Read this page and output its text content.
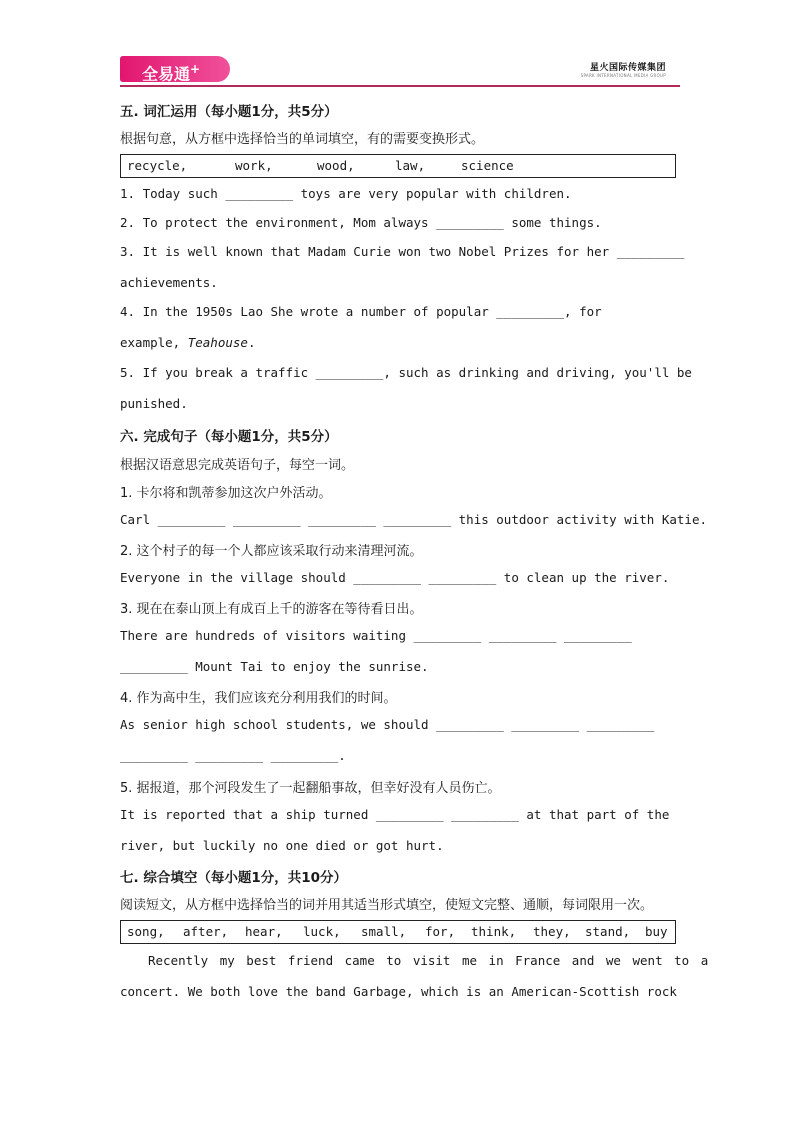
全易通+	星火国际传媒集团
SPARK INTERNATIONAL MEDIA GROUP
五. 词汇运用（每小题1分，共5分）
根据句意，从方框中选择恰当的单词填空，有的需要变换形式。
recycle,	work,	wood,	law,	science
1. Today such _________ toys are very popular with children.
2. To protect the environment, Mom always _________ some things.
3. It is well known that Madam Curie won two Nobel Prizes for her _________
achievements.
4. In the 1950s Lao She wrote a number of popular _________, for
example, Teahouse.
5. If you break a traffic _________, such as drinking and driving, you'll be
punished.
六. 完成句子（每小题1分，共5分）
根据汉语意思完成英语句子，每空一词。
1. 卡尔将和凯蒂参加这次户外活动。
Carl _________ _________ _________ _________ this outdoor activity with Katie.
2. 这个村子的每一个人都应该采取行动来清理河流。
Everyone in the village should _________ _________ to clean up the river.
3. 现在在泰山顶上有成百上千的游客在等待看日出。
There are hundreds of visitors waiting _________ _________ _________
_________ Mount Tai to enjoy the sunrise.
4. 作为高中生，我们应该充分利用我们的时间。
As senior high school students, we should _________ _________ _________
_________ _________ _________.
5. 据报道，那个河段发生了一起翻船事故，但幸好没有人员伤亡。
It is reported that a ship turned _________ _________ at that part of the
river, but luckily no one died or got hurt.
七. 综合填空（每小题1分，共10分）
阅读短文，从方框中选择恰当的词并用其适当形式填空，使短文完整、通顺，每词限用一次。
song, after, hear, luck, small, for, think, they, stand, buy
Recently my best friend came to visit me in France and we went to a
concert. We both love the band Garbage, which is an American-Scottish rock
